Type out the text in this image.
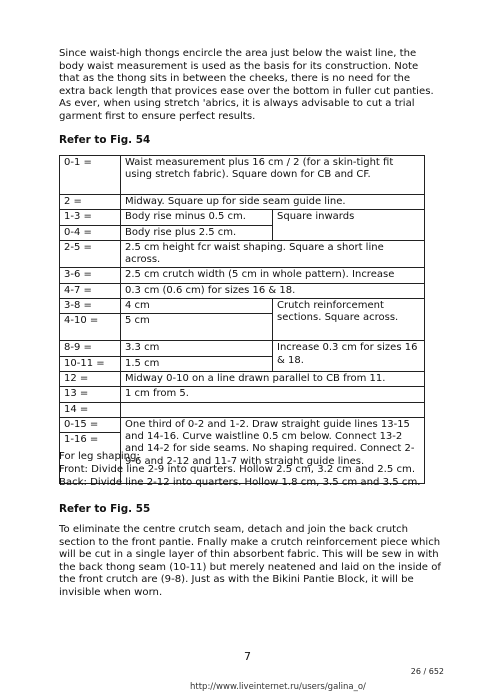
Since waist-high thongs encircle the area just below the waist line, the body waist measurement is used as the basis for its construction. Note that as the thong sits in between the cheeks, there is no need for the extra back length that provices ease over the bottom in fuller cut panties. As ever, when using stretch 'abrics, it is always advisable to cut a trial garment first to ensure perfect results.

Refer to Fig. 54

0-1 =	Waist measurement plus 16 cm / 2 (for a skin-tight fit using stretch fabric). Square down for CB and CF.	
2 =	Midway. Square up for side seam guide line.	
1-3 =	Body rise minus 0.5 cm.	Square inwards
0-4 =	Body rise plus 2.5 cm.	
2-5 =	2.5 cm height fcr waist shaping. Square a short line across.	
3-6 =	2.5 cm crutch width (5 cm in whole pattern). Increase	
4-7 =	0.3 cm (0.6 cm) for sizes 16 & 18.	
3-8 =	4 cm	Crutch reinforcement sections. Square across.
4-10 =	5 cm	
8-9 =	3.3 cm	Increase 0.3 cm for sizes 16 & 18.
10-11 =	1.5 cm	
12 =	Midway 0-10 on a line drawn parallel to CB from 11.	
13 =	1 cm from 5.	
14 =		
0-15 =	One third of 0-2 and 1-2. Draw straight guide lines 13-15 and 14-16. Curve waistline 0.5 cm below. Connect 13-2 and 14-2 for side seams. No shaping required. Connect 2-9-6 and 2-12 and 11-7 with straight guide lines.	
1-16 =		

For leg shaping:

Front: Divide line 2-9 into quarters. Hollow 2.5 cm, 3.2 cm and 2.5 cm.

Back: Divide line 2-12 into quarters. Hollow 1.8 cm, 3.5 cm and 3.5 cm.

Refer to Fig. 55

To eliminate the centre crutch seam, detach and join the back crutch section to the front pantie. Fnally make a crutch reinforcement piece which will be cut in a single layer of thin absorbent fabric. This will be sew in with the back thong seam (10-11) but merely neatened and laid on the inside of the front crutch are (9-8). Just as with the Bikini Pantie Block, it will be invisible when worn.

7
26 / 652
http://www.liveinternet.ru/users/galina_o/
